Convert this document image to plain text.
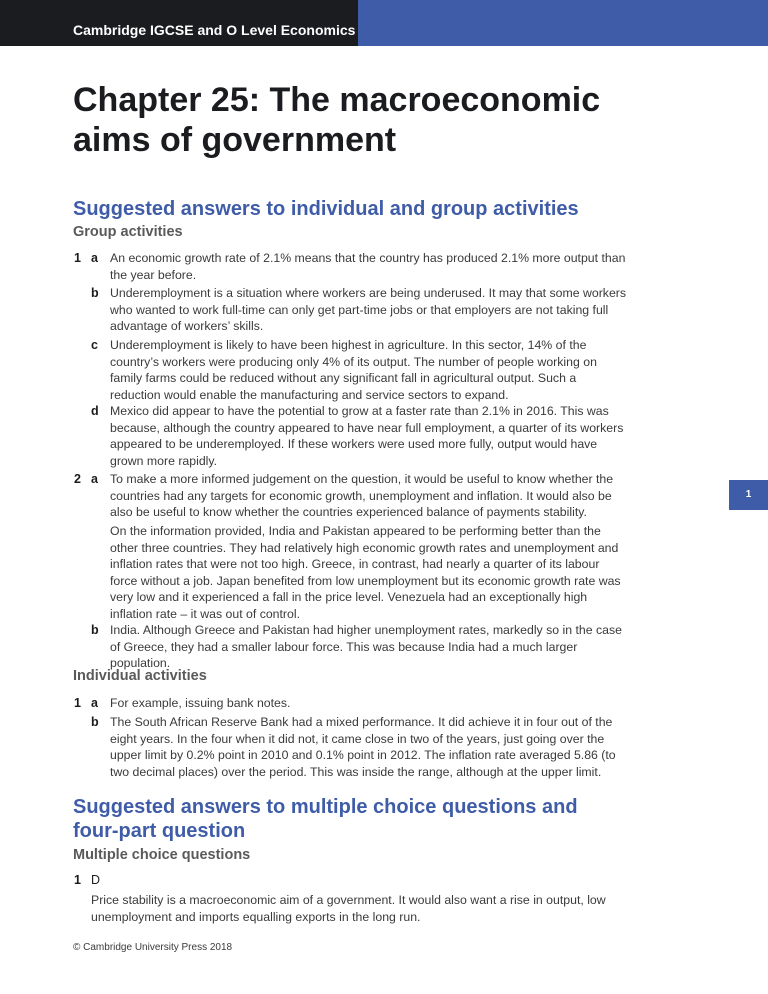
Cambridge IGCSE and O Level Economics
Chapter 25: The macroeconomic aims of government
Suggested answers to individual and group activities
Group activities
1 a An economic growth rate of 2.1% means that the country has produced 2.1% more output than the year before.

b Underemployment is a situation where workers are being underused. It may that some workers who wanted to work full-time can only get part-time jobs or that employers are not taking full advantage of workers’ skills.

c Underemployment is likely to have been highest in agriculture. In this sector, 14% of the country’s workers were producing only 4% of its output. The number of people working on family farms could be reduced without any significant fall in agricultural output. Such a reduction would enable the manufacturing and service sectors to expand.

d Mexico did appear to have the potential to grow at a faster rate than 2.1% in 2016. This was because, although the country appeared to have near full employment, a quarter of its workers appeared to be underemployed. If these workers were used more fully, output would have grown more rapidly.

2 a To make a more informed judgement on the question, it would be useful to know whether the countries had any targets for economic growth, unemployment and inflation. It would also be also be useful to know whether the countries experienced balance of payments stability.

On the information provided, India and Pakistan appeared to be performing better than the other three countries. They had relatively high economic growth rates and unemployment and inflation rates that were not too high. Greece, in contrast, had nearly a quarter of its labour force without a job. Japan benefited from low unemployment but its economic growth rate was very low and it experienced a fall in the price level. Venezuela had an exceptionally high inflation rate – it was out of control.

b India. Although Greece and Pakistan had higher unemployment rates, markedly so in the case of Greece, they had a smaller labour force. This was because India had a much larger population.

Individual activities
1 a For example, issuing bank notes.

b The South African Reserve Bank had a mixed performance. It did achieve it in four out of the eight years. In the four when it did not, it came close in two of the years, just going over the upper limit by 0.2% point in 2010 and 0.1% point in 2012. The inflation rate averaged 5.86 (to two decimal places) over the period. This was inside the range, although at the upper limit.

Suggested answers to multiple choice questions and four-part question
Multiple choice questions
1 D

Price stability is a macroeconomic aim of a government. It would also want a rise in output, low unemployment and imports equalling exports in the long run.

1
© Cambridge University Press 2018
